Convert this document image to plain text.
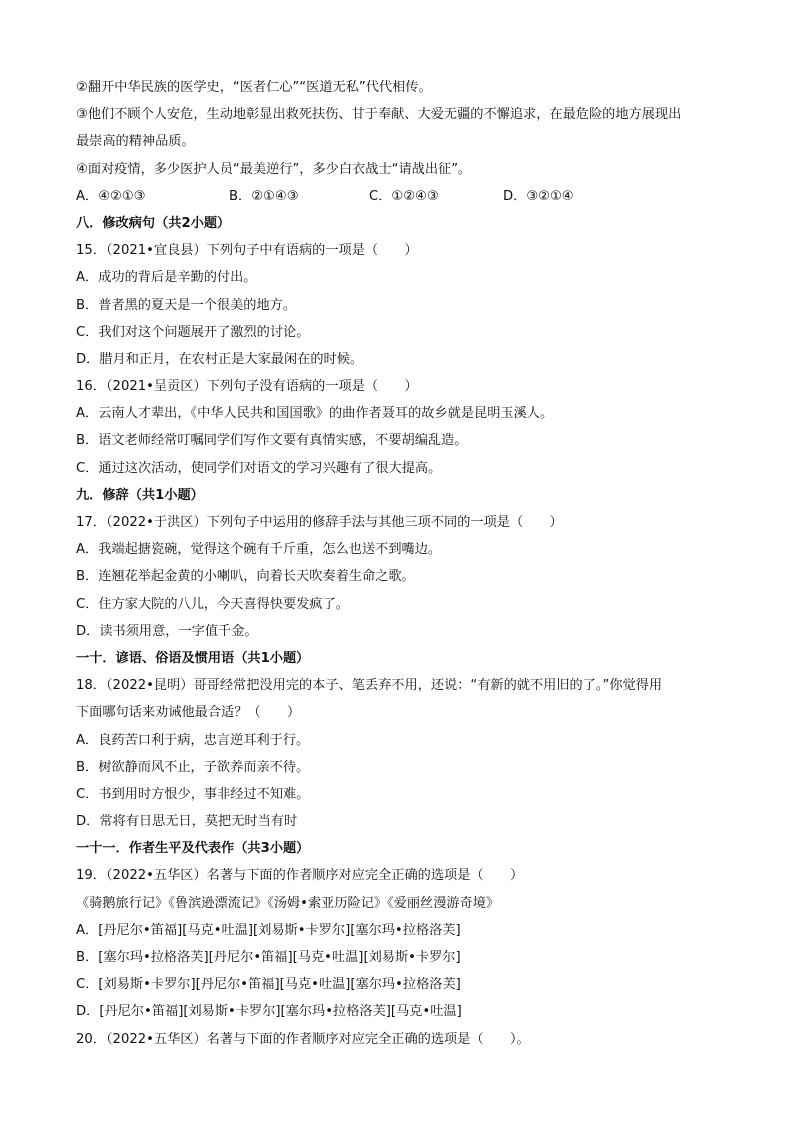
②翻开中华民族的医学史，“医者仁心”“医道无私”代代相传。
③他们不顾个人安危，生动地彰显出救死扶伤、甘于奉献、大爱无疆的不懈追求，在最危险的地方展现出
最崇高的精神品质。
④面对疫情，多少医护人员“最美逆行”，多少白衣战士“请战出征”。
A．④②①③	B．②①④③	C．①②④③	D．③②①④
八．修改病句（共2小题）
15．（2021•宜良县）下列句子中有语病的一项是（　　）
A．成功的背后是辛勤的付出。
B．普者黑的夏天是一个很美的地方。
C．我们对这个问题展开了激烈的讨论。
D．腊月和正月，在农村正是大家最闲在的时候。
16．（2021•呈贡区）下列句子没有语病的一项是（　　）
A．云南人才辈出，《中华人民共和国国歌》的曲作者聂耳的故乡就是昆明玉溪人。
B．语文老师经常叮嘱同学们写作文要有真情实感，不要胡编乱造。
C．通过这次活动，使同学们对语文的学习兴趣有了很大提高。
九．修辞（共1小题）
17．（2022•于洪区）下列句子中运用的修辞手法与其他三项不同的一项是（　　）
A．我端起搪瓷碗，觉得这个碗有千斤重，怎么也送不到嘴边。
B．连翘花举起金黄的小喇叭，向着长天吹奏着生命之歌。
C．住方家大院的八儿，今天喜得快要发疯了。
D．读书须用意，一字值千金。
一十．谚语、俗语及惯用语（共1小题）
18．（2022•昆明）哥哥经常把没用完的本子、笔丢弃不用，还说：“有新的就不用旧的了。”你觉得用
下面哪句话来劝诫他最合适？（　　）
A．良药苦口利于病，忠言逆耳利于行。
B．树欲静而风不止，子欲养而亲不待。
C．书到用时方恨少，事非经过不知难。
D．常将有日思无日，莫把无时当有时
一十一．作者生平及代表作（共3小题）
19．（2022•五华区）名著与下面的作者顺序对应完全正确的选项是（　　）
《骑鹅旅行记》《鲁滨逊漂流记》《汤姆•索亚历险记》《爱丽丝漫游奇境》
A．[丹尼尔•笛福][马克•吐温][刘易斯•卡罗尔][塞尔玛•拉格洛芙]
B．[塞尔玛•拉格洛芙][丹尼尔•笛福][马克•吐温][刘易斯•卡罗尔]
C．[刘易斯•卡罗尔][丹尼尔•笛福][马克•吐温][塞尔玛•拉格洛芙]
D．[丹尼尔•笛福][刘易斯•卡罗尔][塞尔玛•拉格洛芙][马克•吐温]
20．（2022•五华区）名著与下面的作者顺序对应完全正确的选项是（　　）。
